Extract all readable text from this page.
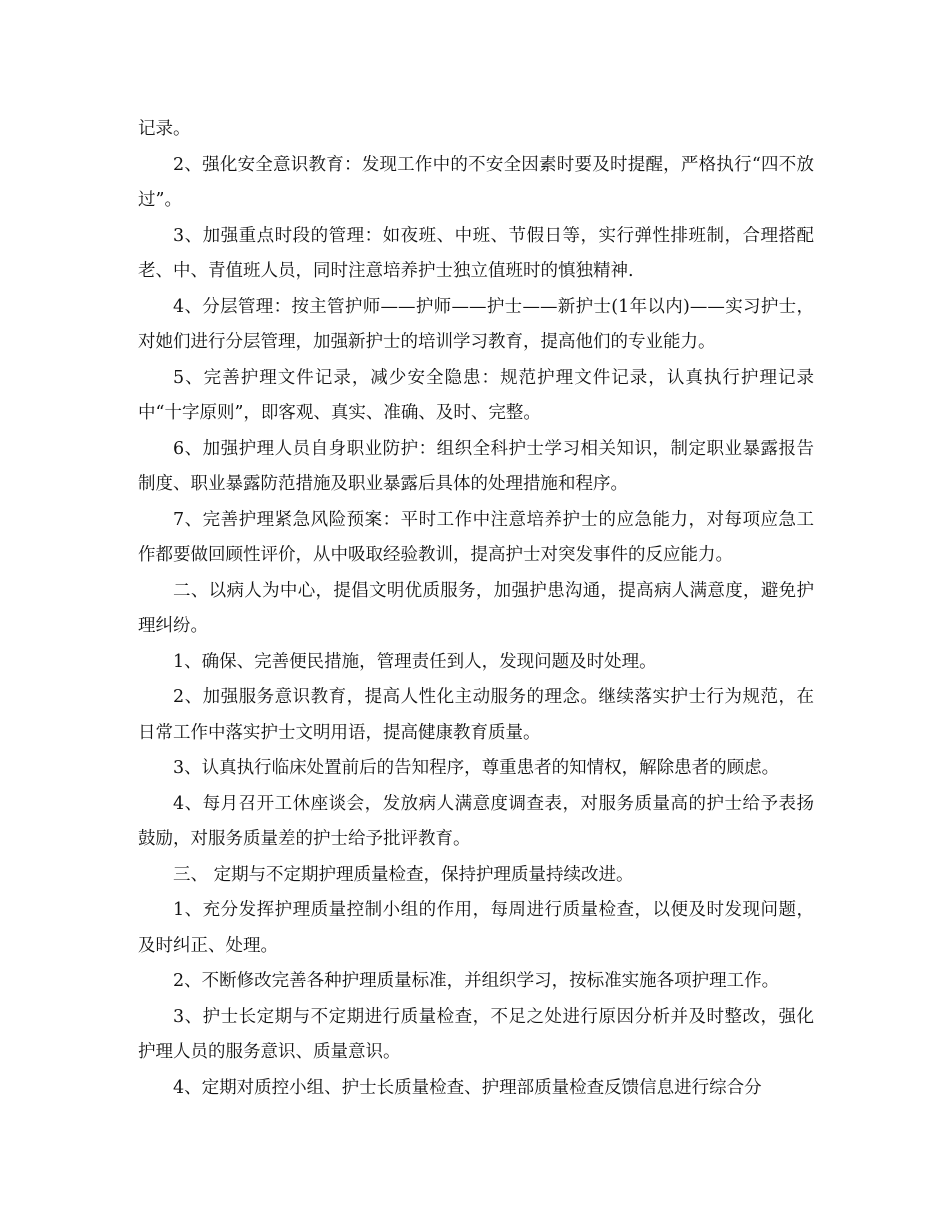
记录。

2、强化安全意识教育：发现工作中的不安全因素时要及时提醒，严格执行“四不放过”。

3、加强重点时段的管理：如夜班、中班、节假日等，实行弹性排班制，合理搭配老、中、青值班人员，同时注意培养护士独立值班时的慎独精神.

4、分层管理：按主管护师——护师——护士——新护士(1年以内)——实习护士，对她们进行分层管理，加强新护士的培训学习教育，提高他们的专业能力。

5、完善护理文件记录，减少安全隐患：规范护理文件记录，认真执行护理记录中“十字原则”，即客观、真实、准确、及时、完整。

6、加强护理人员自身职业防护：组织全科护士学习相关知识，制定职业暴露报告制度、职业暴露防范措施及职业暴露后具体的处理措施和程序。

7、完善护理紧急风险预案：平时工作中注意培养护士的应急能力，对每项应急工作都要做回顾性评价，从中吸取经验教训，提高护士对突发事件的反应能力。

二、以病人为中心，提倡文明优质服务，加强护患沟通，提高病人满意度，避免护理纠纷。

1、确保、完善便民措施，管理责任到人，发现问题及时处理。

2、加强服务意识教育，提高人性化主动服务的理念。继续落实护士行为规范，在日常工作中落实护士文明用语，提高健康教育质量。

3、认真执行临床处置前后的告知程序，尊重患者的知情权，解除患者的顾虑。

4、每月召开工休座谈会，发放病人满意度调查表，对服务质量高的护士给予表扬鼓励，对服务质量差的护士给予批评教育。

三、 定期与不定期护理质量检查，保持护理质量持续改进。

1、充分发挥护理质量控制小组的作用，每周进行质量检查，以便及时发现问题，及时纠正、处理。

2、不断修改完善各种护理质量标准，并组织学习，按标准实施各项护理工作。

3、护士长定期与不定期进行质量检查，不足之处进行原因分析并及时整改，强化护理人员的服务意识、质量意识。

4、定期对质控小组、护士长质量检查、护理部质量检查反馈信息进行综合分
